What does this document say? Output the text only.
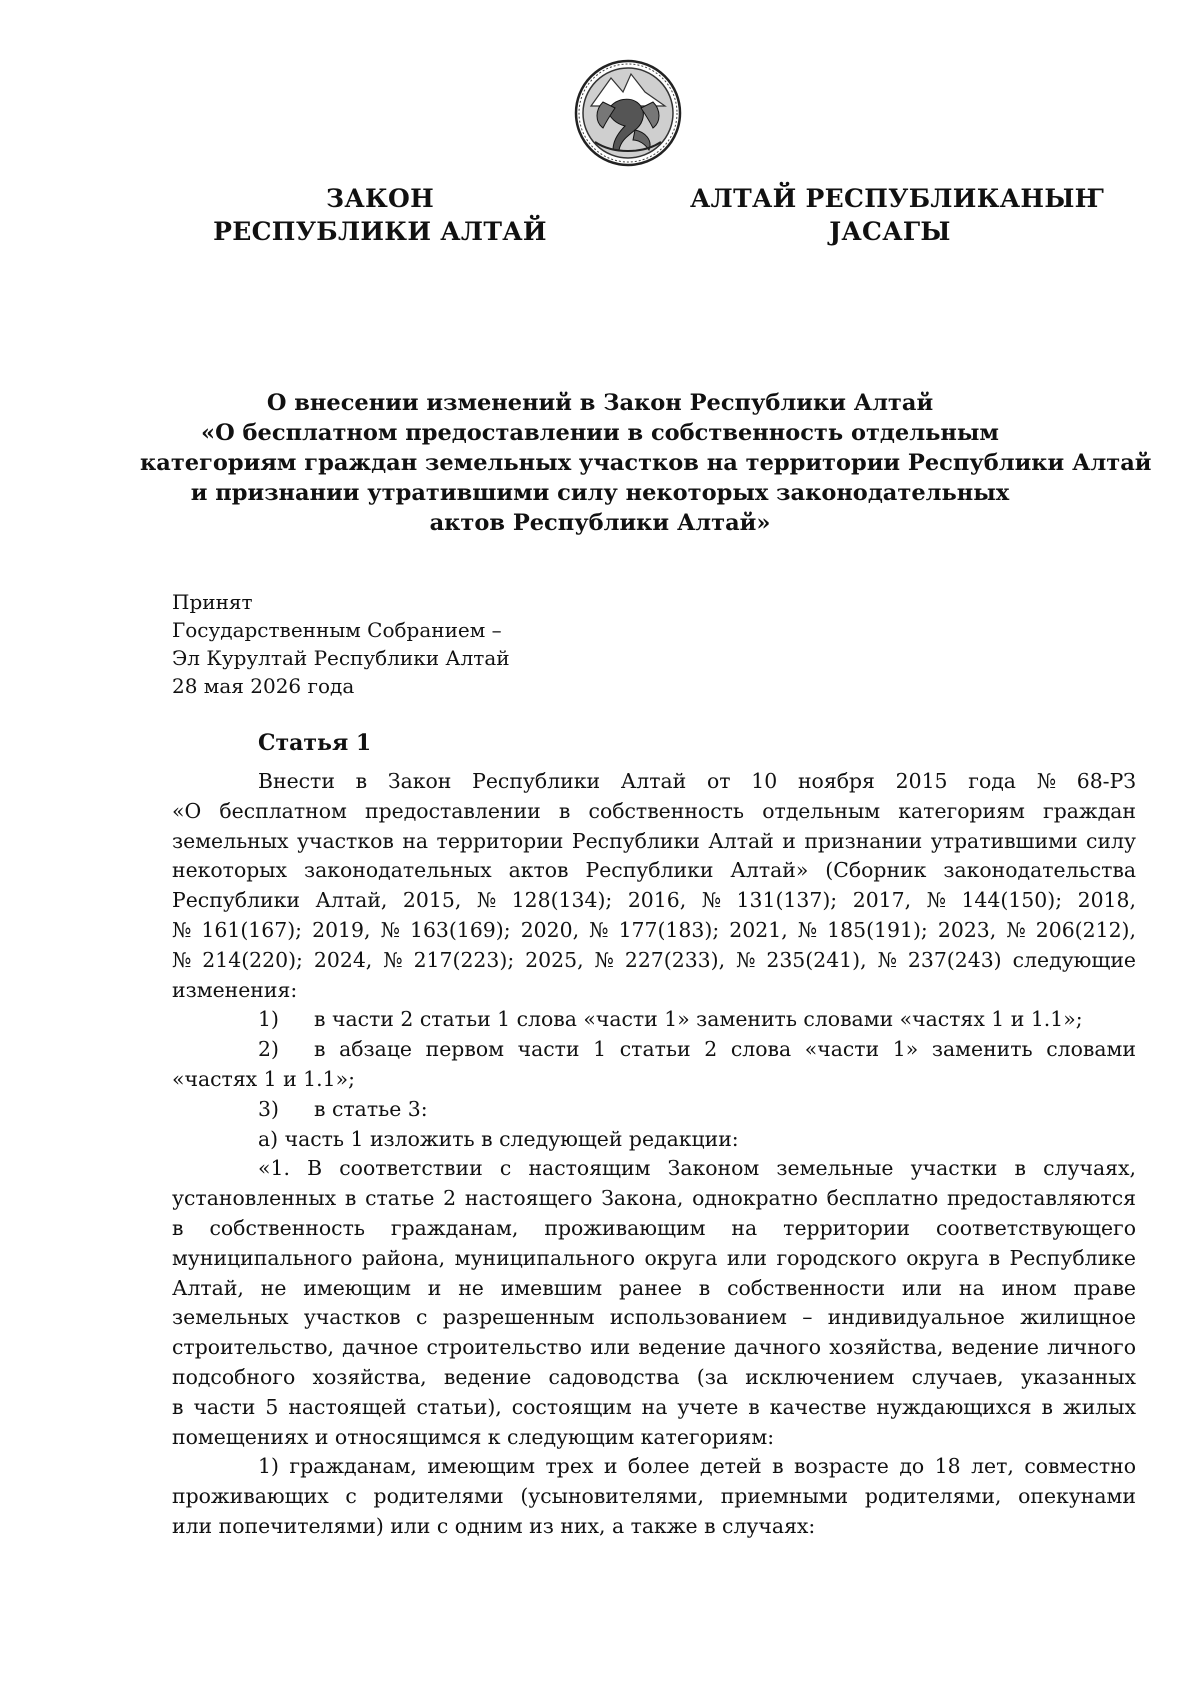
ЗАКОН
РЕСПУБЛИКИ АЛТАЙ
АЛТАЙ РЕСПУБЛИКАНЫҤ
JАСАГЫ
О внесении изменений в Закон Республики Алтай
«О бесплатном предоставлении в собственность отдельным
категориям граждан земельных участков на территории Республики Алтай
и признании утратившими силу некоторых законодательных
актов Республики Алтай»
Принят
Государственным Собранием –
Эл Курултай Республики Алтай
28 мая 2026 года
Статья 1
Внести в Закон Республики Алтай от 10 ноября 2015 года № 68-РЗ
«О бесплатном предоставлении в собственность отдельным категориям граждан
земельных участков на территории Республики Алтай и признании утратившими силу
некоторых законодательных актов Республики Алтай» (Сборник законодательства
Республики Алтай, 2015, № 128(134); 2016, № 131(137); 2017, № 144(150); 2018,
№ 161(167); 2019, № 163(169); 2020, № 177(183); 2021, № 185(191); 2023, № 206(212),
№ 214(220); 2024, № 217(223); 2025, № 227(233), № 235(241), № 237(243) следующие
изменения:
1) в части 2 статьи 1 слова «части 1» заменить словами «частях 1 и 1.1»;
2) в абзаце первом части 1 статьи 2 слова «части 1» заменить словами
«частях 1 и 1.1»;
3) в статье 3:
а) часть 1 изложить в следующей редакции:
«1. В соответствии с настоящим Законом земельные участки в случаях,
установленных в статье 2 настоящего Закона, однократно бесплатно предоставляются
в собственность гражданам, проживающим на территории соответствующего
муниципального района, муниципального округа или городского округа в Республике
Алтай, не имеющим и не имевшим ранее в собственности или на ином праве
земельных участков с разрешенным использованием – индивидуальное жилищное
строительство, дачное строительство или ведение дачного хозяйства, ведение личного
подсобного хозяйства, ведение садоводства (за исключением случаев, указанных
в части 5 настоящей статьи), состоящим на учете в качестве нуждающихся в жилых
помещениях и относящимся к следующим категориям:
1) гражданам, имеющим трех и более детей в возрасте до 18 лет, совместно
проживающих с родителями (усыновителями, приемными родителями, опекунами
или попечителями) или с одним из них, а также в случаях:
